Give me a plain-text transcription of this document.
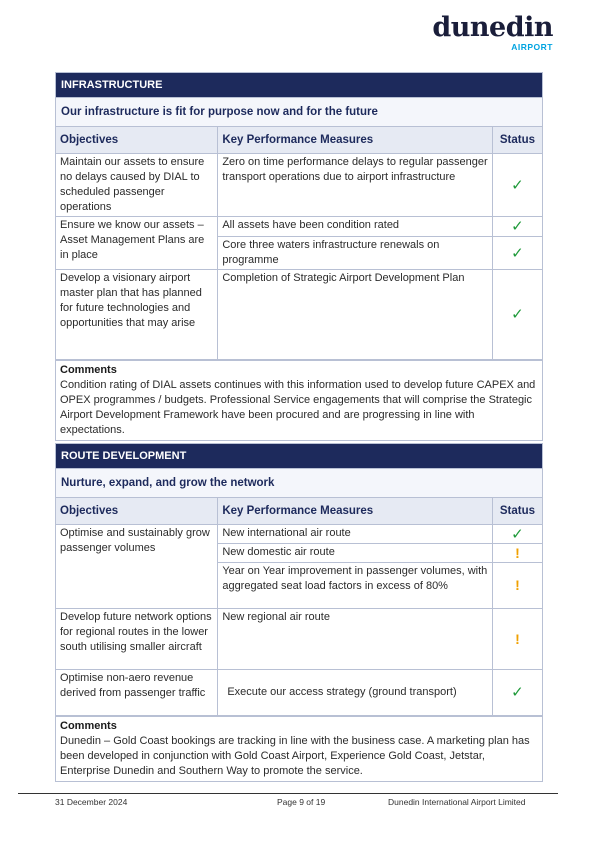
dunedin
AIRPORT
INFRASTRUCTURE
Our infrastructure is fit for purpose now and for the future
Objectives	Key Performance Measures	Status
Maintain our assets to ensure no delays caused by DIAL to scheduled passenger operations	Zero on time performance delays to regular passenger transport operations due to airport infrastructure	✓
Ensure we know our assets – Asset Management Plans are in place	All assets have been condition rated	✓
	Core three waters infrastructure renewals on programme	✓
Develop a visionary airport master plan that has planned for future technologies and opportunities that may arise	Completion of Strategic Airport Development Plan	✓
Comments
Condition rating of DIAL assets continues with this information used to develop future CAPEX and OPEX programmes / budgets. Professional Service engagements that will comprise the Strategic Airport Development Framework have been procured and are progressing in line with expectations.
ROUTE DEVELOPMENT
Nurture, expand, and grow the network
Objectives	Key Performance Measures	Status
Optimise and sustainably grow passenger volumes	New international air route	✓
	New domestic air route	!
	Year on Year improvement in passenger volumes, with aggregated seat load factors in excess of 80%	!
Develop future network options for regional routes in the lower south utilising smaller aircraft	New regional air route	!
Optimise non-aero revenue derived from passenger traffic	Execute our access strategy (ground transport)	✓
Comments
Dunedin – Gold Coast bookings are tracking in line with the business case. A marketing plan has been developed in conjunction with Gold Coast Airport, Experience Gold Coast, Jetstar, Enterprise Dunedin and Southern Way to promote the service.
31 December 2024	Page 9 of 19	Dunedin International Airport Limited
